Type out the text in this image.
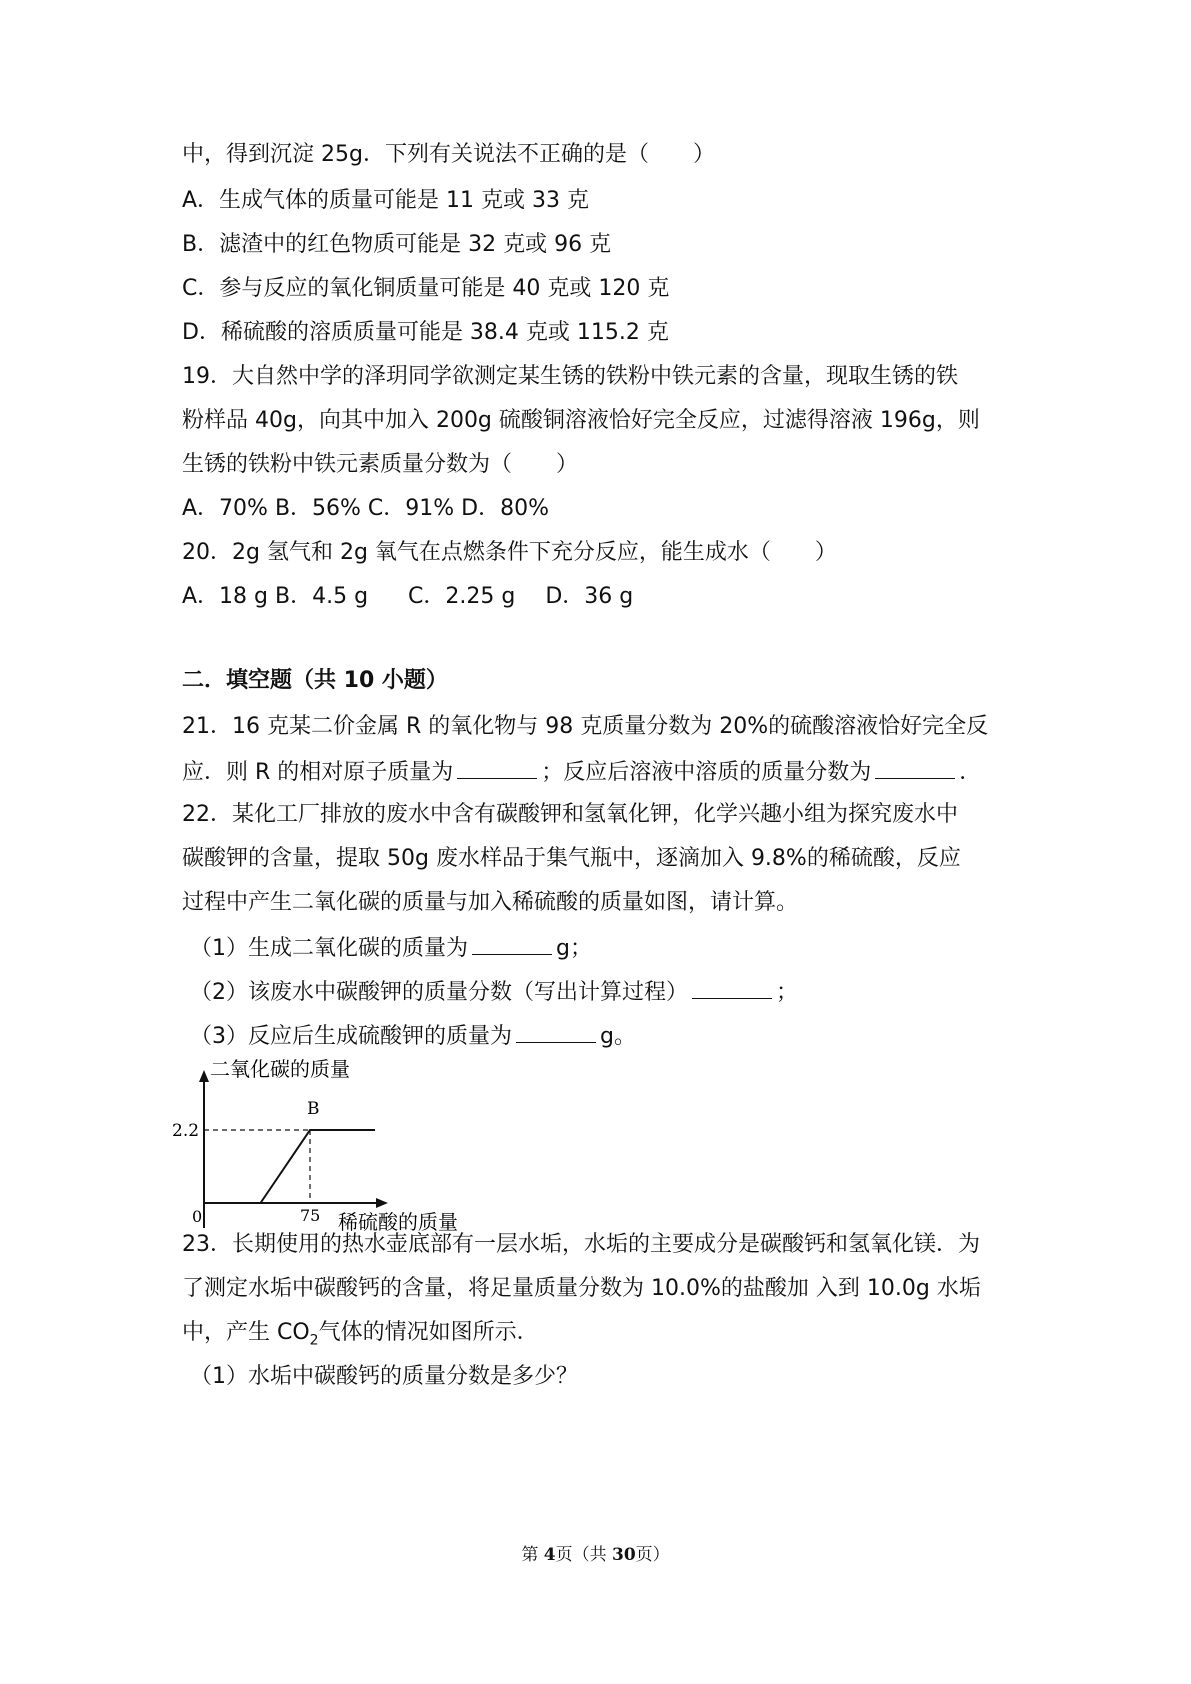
中，得到沉淀 25g．下列有关说法不正确的是（　　）
A．生成气体的质量可能是 11 克或 33 克
B．滤渣中的红色物质可能是 32 克或 96 克
C．参与反应的氧化铜质量可能是 40 克或 120 克
D．稀硫酸的溶质质量可能是 38.4 克或 115.2 克
19．大自然中学的泽玥同学欲测定某生锈的铁粉中铁元素的含量，现取生锈的铁
粉样品 40g，向其中加入 200g 硫酸铜溶液恰好完全反应，过滤得溶液 196g，则
生锈的铁粉中铁元素质量分数为（　　）
A．70% B．56% C．91% D．80%
20．2g 氢气和 2g 氧气在点燃条件下充分反应，能生成水（　　）
A．18 g B．4.5 g C．2.25 g D．36 g
二．填空题（共 10 小题）
21．16 克某二价金属 R 的氧化物与 98 克质量分数为 20%的硫酸溶液恰好完全反
应．则 R 的相对原子质量为	；反应后溶液中溶质的质量分数为	．
22．某化工厂排放的废水中含有碳酸钾和氢氧化钾，化学兴趣小组为探究废水中
碳酸钾的含量，提取 50g 废水样品于集气瓶中，逐滴加入 9.8%的稀硫酸，反应
过程中产生二氧化碳的质量与加入稀硫酸的质量如图，请计算。
（1）生成二氧化碳的质量为	g；
（2）该废水中碳酸钾的质量分数（写出计算过程）	；
（3）反应后生成硫酸钾的质量为	g。
二氧化碳的质量
0
2.2
75
B
稀硫酸的质量
23．长期使用的热水壶底部有一层水垢，水垢的主要成分是碳酸钙和氢氧化镁．为
了测定水垢中碳酸钙的含量，将足量质量分数为 10.0%的盐酸加 入到 10.0g 水垢
中，产生 $CO_2$气体的情况如图所示．
（1）水垢中碳酸钙的质量分数是多少？
第 4页（共 30页）
